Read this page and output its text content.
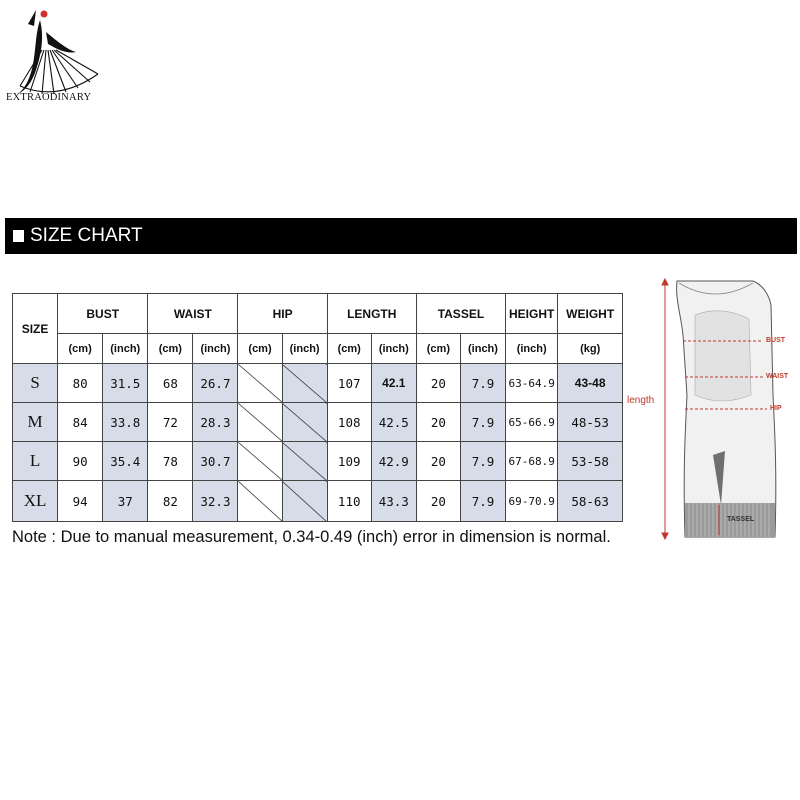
EXTRAODINARY
SIZE CHART
SIZE	BUST		WAIST		HIP		LENGTH		TASSEL		HEIGHT	WEIGHT
	(cm)	(inch)	(cm)	(inch)	(cm)	(inch)	(cm)	(inch)	(cm)	(inch)	(inch)	(kg)
S	80	31.5	68	26.7			107	42.1	20	7.9	63-64.9	43-48
M	84	33.8	72	28.3			108	42.5	20	7.9	65-66.9	48-53
L	90	35.4	78	30.7			109	42.9	20	7.9	67-68.9	53-58
XL	94	37	82	32.3			110	43.3	20	7.9	69-70.9	58-63
Note : Due to manual measurement, 0.34-0.49 (inch) error in dimension is normal.
length
BUST
WAIST
HIP
TASSEL
